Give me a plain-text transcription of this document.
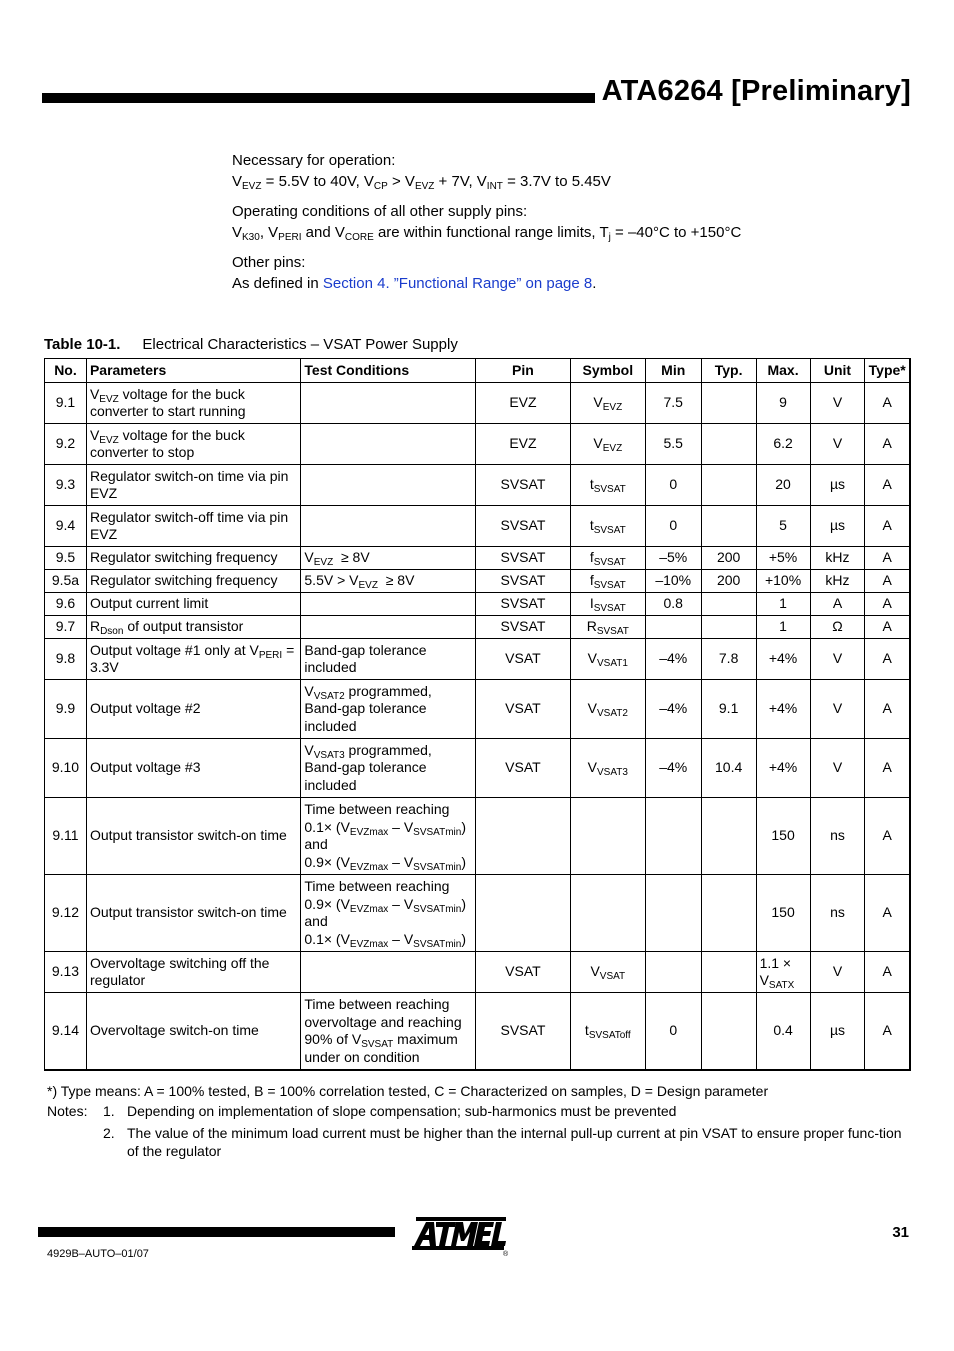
ATA6264 [Preliminary]

Necessary for operation:
$V_{EVZ} = 5.5V$ to 40V, $V_{CP} > V_{EVZ} + 7V$, $V_{INT} = 3.7V$ to 5.45V

Operating conditions of all other supply pins:
$V_{K30}$, $V_{PERI}$ and $V_{CORE}$ are within functional range limits, $T_j = -40^\circ C$ to +150°C

Other pins:
As defined in Section 4. ”Functional Range” on page 8.

Table 10-1. Electrical Characteristics – VSAT Power Supply
No.	Parameters	Test Conditions	Pin	Symbol	Min	Typ.	Max.	Unit	Type*
9.1	$V_{EVZ}$ voltage for the buck converter to start running		EVZ	$V_{EVZ}$	7.5		9	V	A
9.2	$V_{EVZ}$ voltage for the buck converter to stop		EVZ	$V_{EVZ}$	5.5		6.2	V	A
9.3	Regulator switch-on time via pin EVZ		SVSAT	$t_{SVSAT}$	0		20	µs	A
9.4	Regulator switch-off time via pin EVZ		SVSAT	$t_{SVSAT}$	0		5	µs	A
9.5	Regulator switching frequency	$V_{EVZ} \ge 8V$	SVSAT	$f_{SVSAT}$	–5%	200	+5%	kHz	A
9.5a	Regulator switching frequency	$5.5V > V_{EVZ} \ge 8V$	SVSAT	$f_{SVSAT}$	–10%	200	+10%	kHz	A
9.6	Output current limit		SVSAT	$I_{SVSAT}$	0.8		1	A	A
9.7	$R_{Dson}$ of output transistor		SVSAT	$R_{SVSAT}$			1	Ω	A
9.8	Output voltage #1 only at $V_{PERI} = 3.3V$	Band-gap tolerance included	VSAT	$V_{VSAT1}$	–4%	7.8	+4%	V	A
9.9	Output voltage #2	$V_{VSAT2}$ programmed, Band-gap tolerance included	VSAT	$V_{VSAT2}$	–4%	9.1	+4%	V	A
9.10	Output voltage #3	$V_{VSAT3}$ programmed, Band-gap tolerance included	VSAT	$V_{VSAT3}$	–4%	10.4	+4%	V	A
9.11	Output transistor switch-on time	Time between reaching
$0.1\times (V_{EVZmax} - V_{SVSATmin})$
and
$0.9\times (V_{EVZmax} - V_{SVSATmin})$					150	ns	A
9.12	Output transistor switch-on time	Time between reaching
$0.9\times (V_{EVZmax} - V_{SVSATmin})$
and
$0.1\times (V_{EVZmax} - V_{SVSATmin})$					150	ns	A
9.13	Overvoltage switching off the regulator		VSAT	$V_{VSAT}$			1.1 ×
$V_{SATX}$	V	A
9.14	Overvoltage switch-on time	Time between reaching overvoltage and reaching 90% of $V_{SVSAT}$ maximum under on condition	SVSAT	$t_{SVSAToff}$	0		0.4	µs	A
*) Type means: A = 100% tested, B = 100% correlation tested, C = Characterized on samples, D = Design parameter
Notes:	1. Depending on implementation of slope compensation; sub-harmonics must be prevented
2. The value of the minimum load current must be higher than the internal pull-up current at pin VSAT to ensure proper func-tion of the regulator
®
31
4929B–AUTO–01/07
